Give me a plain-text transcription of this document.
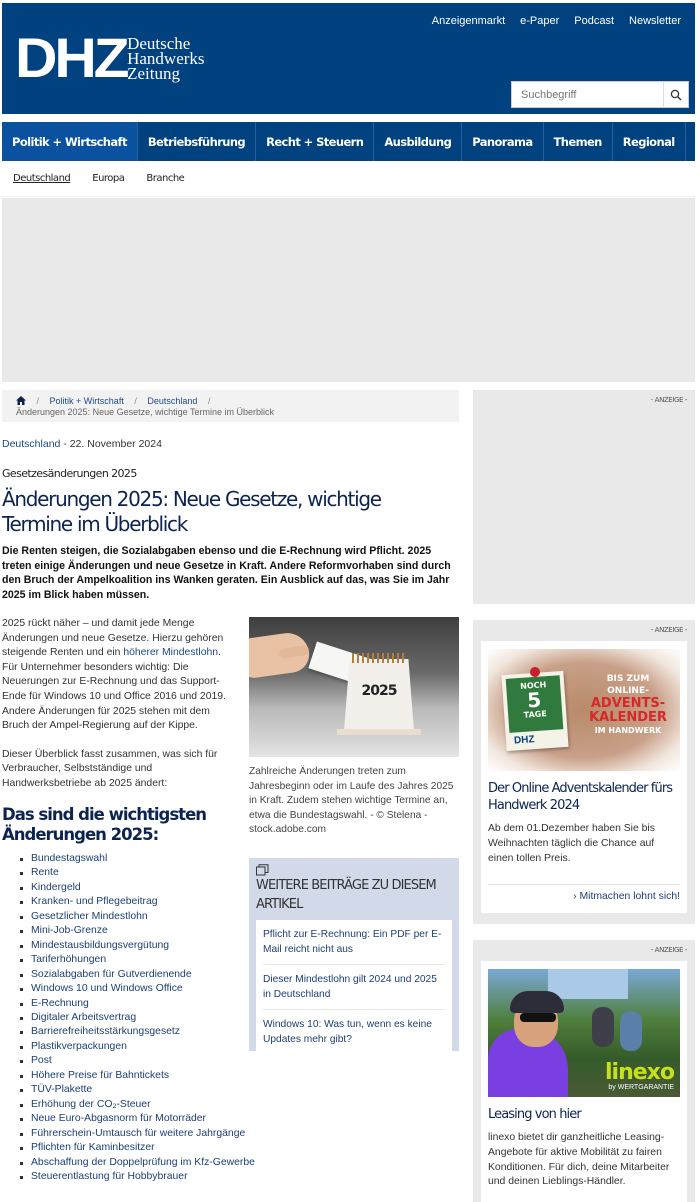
DHZ Deutsche
Handwerks
Zeitung
Anzeigenmarkt e-Paper Podcast Newsletter
Suchbegriff
Politik + Wirtschaft	Betriebsführung	Recht + Steuern	Ausbildung	Panorama	Themen	Regional
Deutschland Europa Branche
/ Politik + Wirtschaft / Deutschland /
Änderungen 2025: Neue Gesetze, wichtige Termine im Überblick
Deutschland - 22. November 2024
Gesetzesänderungen 2025
Änderungen 2025: Neue Gesetze, wichtige Termine im Überblick
Die Renten steigen, die Sozialabgaben ebenso und die E-Rechnung wird Pflicht. 2025 treten einige Änderungen und neue Gesetze in Kraft. Andere Reformvorhaben sind durch den Bruch der Ampelkoalition ins Wanken geraten. Ein Ausblick auf das, was Sie im Jahr 2025 im Blick haben müssen.

2025 rückt näher – und damit jede Menge Änderungen und neue Gesetze. Hierzu gehören steigende Renten und ein höherer Mindestlohn. Für Unternehmer besonders wichtig: Die Neuerungen zur E-Rechnung und das Support-Ende für Windows 10 und Office 2016 und 2019. Andere Änderungen für 2025 stehen mit dem Bruch der Ampel-Regierung auf der Kippe.

Dieser Überblick fasst zusammen, was sich für Verbraucher, Selbstständige und Handwerksbetriebe ab 2025 ändert:

2025
Zahlreiche Änderungen treten zum Jahresbeginn oder im Laufe des Jahres 2025 in Kraft. Zudem stehen wichtige Termine an, etwa die Bundestagswahl. - © Stelena - stock.adobe.com
Das sind die wichtigsten Änderungen 2025:
Bundestagswahl
Rente
Kindergeld
Kranken- und Pflegebeitrag
Gesetzlicher Mindestlohn
Mini-Job-Grenze
Mindestausbildungsvergütung
Tariferhöhungen
Sozialabgaben für Gutverdienende
Windows 10 und Windows Office
E-Rechnung
Digitaler Arbeitsvertrag
Barrierefreiheitsstärkungsgesetz
Plastikverpackungen
Post
Höhere Preise für Bahntickets
TÜV-Plakette
Erhöhung der CO₂-Steuer
Neue Euro-Abgasnorm für Motorräder
Führerschein-Umtausch für weitere Jahrgänge
Pflichten für Kaminbesitzer
Abschaffung der Doppelprüfung im Kfz-Gewerbe
Steuerentlastung für Hobbybrauer
WEITERE BEITRÄGE ZU DIESEM ARTIKEL
Pflicht zur E-Rechnung: Ein PDF per E-Mail reicht nicht aus
Dieser Mindestlohn gilt 2024 und 2025 in Deutschland
Windows 10: Was tun, wenn es keine Updates mehr gibt?
- ANZEIGE -
- ANZEIGE -
NOCH
5
TAGE
DHZ
BIS ZUM
ONLINE-
ADVENTS-
KALENDER
IM HANDWERK
Der Online Adventskalender fürs Handwerk 2024
Ab dem 01.Dezember haben Sie bis Weihnachten täglich die Chance auf einen tollen Preis.
› Mitmachen lohnt sich!
- ANZEIGE -
linexo
by WERTGARANTIE
Leasing von hier
linexo bietet dir ganzheitliche Leasing-Angebote für aktive Mobilität zu fairen Konditionen. Für dich, deine Mitarbeiter und deinen Lieblings-Händler.
